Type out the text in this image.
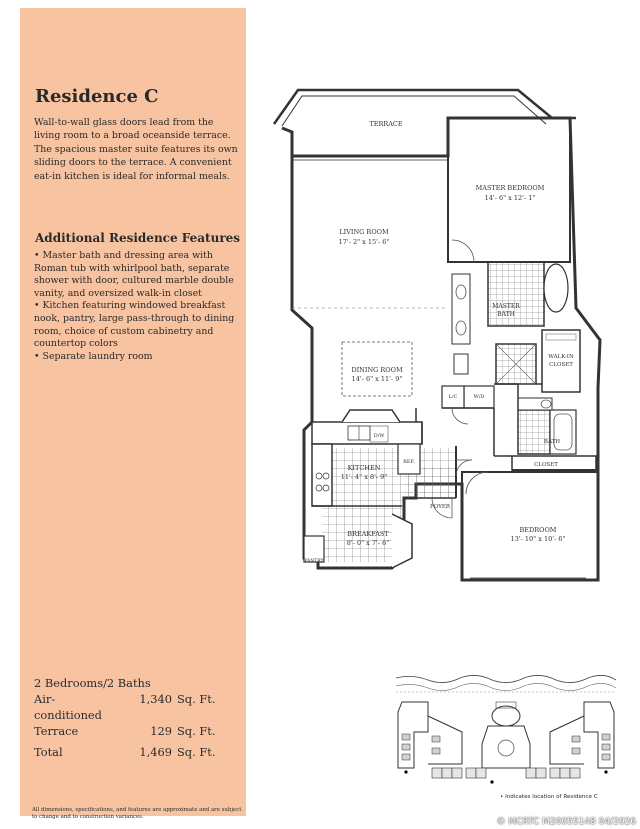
Residence C

Wall-to-wall glass doors lead from the living room to a broad oceanside terrace. The spacious master suite features its own sliding doors to the terrace. A convenient eat-in kitchen is ideal for informal meals.

Additional Residence Features
• Master bath and dressing area with Roman tub with whirlpool bath, separate shower with door, cultured marble double vanity, and oversized walk-in closet
• Kitchen featuring windowed breakfast nook, pantry, large pass-through to dining room, choice of custom cabinetry and countertop colors
• Separate laundry room
2 Bedrooms/2 Baths
Air-conditioned
1,340 Sq. Ft.
Terrace	129 Sq. Ft.
Total	1,469 Sq. Ft.

All dimensions, specifications, and features are approximate and are subject to change and to construction variances.

TERRACE
MASTER BEDROOM
14'- 6" x 12'- 1"
LIVING ROOM
17'- 2" x 15'- 6"
MASTER
BATH
WALK-IN
CLOSET
DINING ROOM
14'- 6" x 11'- 9"
W/D
L/C
D/W
REF.
KITCHEN
11'- 4" x 8'- 9"
BATH
CLOSET
FOYER
BREAKFAST
8'- 0" x 7'- 6"
BEDROOM
13'- 10" x 10'- 6"
PANTRY
• Indicates location of Residence C
© MCRTC M20055148 04/2026
